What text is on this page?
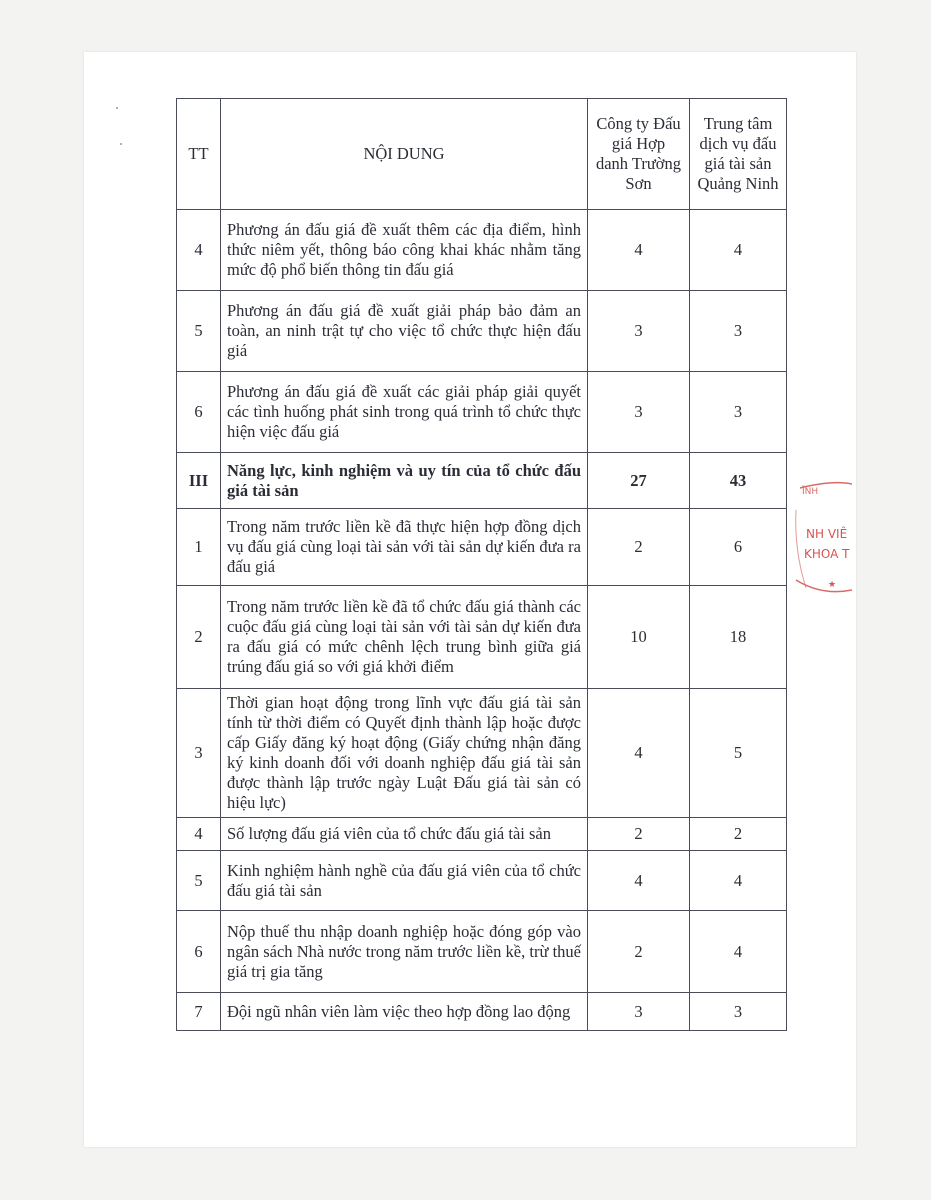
TT	NỘI DUNG	Công ty Đấu giá Hợp danh Trường Sơn	Trung tâm dịch vụ đấu giá tài sản Quảng Ninh
4	Phương án đấu giá đề xuất thêm các địa điểm, hình thức niêm yết, thông báo công khai khác nhằm tăng mức độ phổ biến thông tin đấu giá	4	4
5	Phương án đấu giá đề xuất giải pháp bảo đảm an toàn, an ninh trật tự cho việc tổ chức thực hiện đấu giá	3	3
6	Phương án đấu giá đề xuất các giải pháp giải quyết các tình huống phát sinh trong quá trình tổ chức thực hiện việc đấu giá	3	3
III	Năng lực, kinh nghiệm và uy tín của tổ chức đấu giá tài sản	27	43
1	Trong năm trước liền kề đã thực hiện hợp đồng dịch vụ đấu giá cùng loại tài sản với tài sản dự kiến đưa ra đấu giá	2	6
2	Trong năm trước liền kề đã tổ chức đấu giá thành các cuộc đấu giá cùng loại tài sản với tài sản dự kiến đưa ra đấu giá có mức chênh lệch trung bình giữa giá trúng đấu giá so với giá khởi điểm	10	18
3	Thời gian hoạt động trong lĩnh vực đấu giá tài sản tính từ thời điểm có Quyết định thành lập hoặc được cấp Giấy đăng ký hoạt động (Giấy chứng nhận đăng ký kinh doanh đối với doanh nghiệp đấu giá tài sản được thành lập trước ngày Luật Đấu giá tài sản có hiệu lực)	4	5
4	Số lượng đấu giá viên của tổ chức đấu giá tài sản	2	2
5	Kinh nghiệm hành nghề của đấu giá viên của tổ chức đấu giá tài sản	4	4
6	Nộp thuế thu nhập doanh nghiệp hoặc đóng góp vào ngân sách Nhà nước trong năm trước liền kề, trừ thuế giá trị gia tăng	2	4
7	Đội ngũ nhân viên làm việc theo hợp đồng lao động	3	3
ĨNH
NH VIÊ
KHOA T
★
